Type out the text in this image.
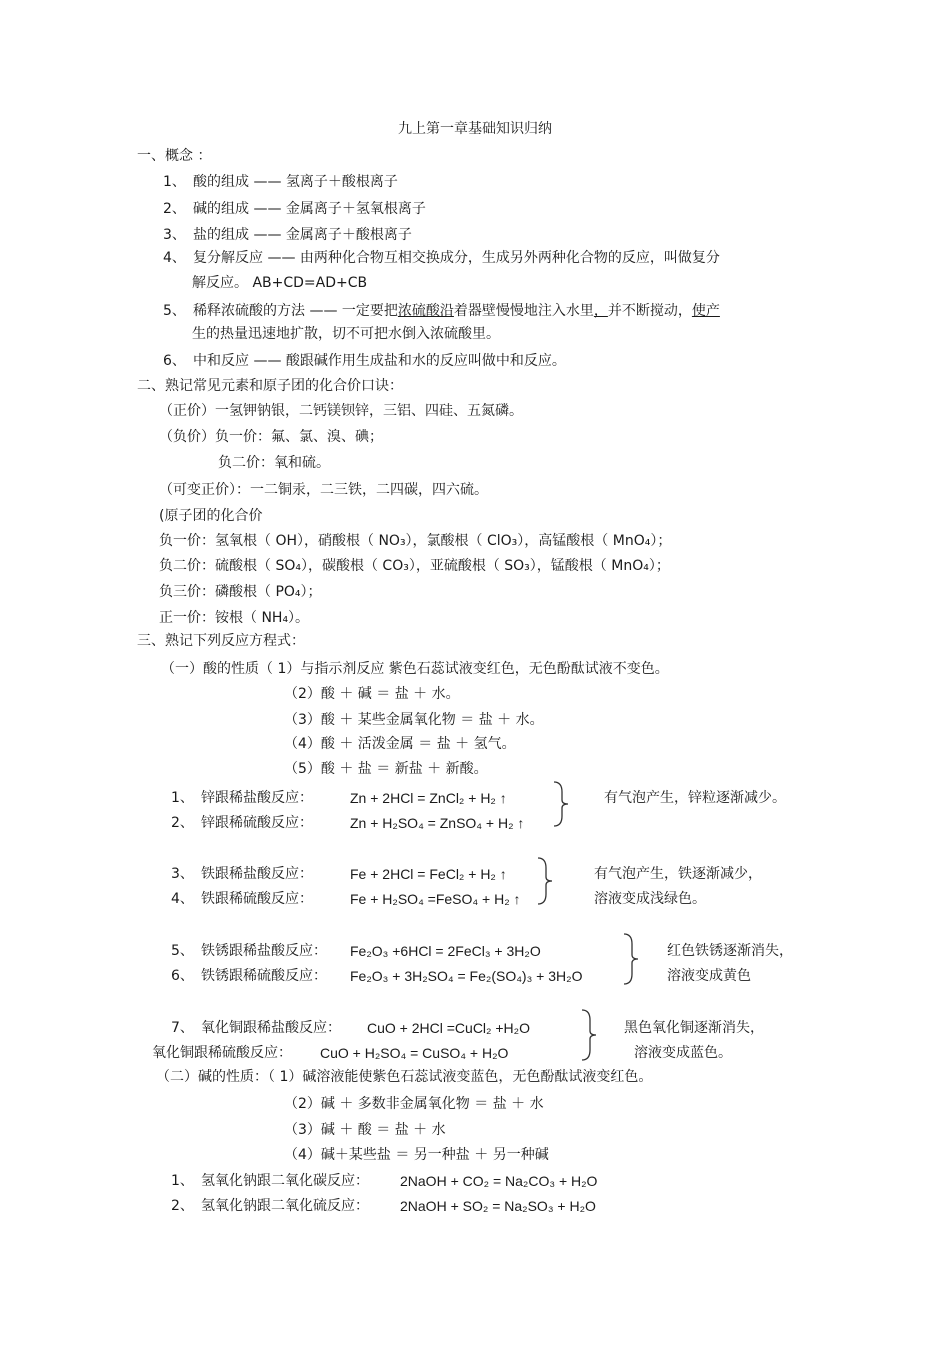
九上第一章基础知识归纳
一、概念 ：
1、 酸的组成 —— 氢离子＋酸根离子
2、 碱的组成 —— 金属离子＋氢氧根离子
3、 盐的组成 —— 金属离子＋酸根离子
4、 复分解反应 —— 由两种化合物互相交换成分，生成另外两种化合物的反应，叫做复分
解反应。 AB+CD=AD+CB
5、 稀释浓硫酸的方法 —— 一定要把浓硫酸沿着器壁慢慢地注入水里，并不断搅动，使产
生的热量迅速地扩散，切不可把水倒入浓硫酸里。
6、 中和反应 —— 酸跟碱作用生成盐和水的反应叫做中和反应。
二、熟记常见元素和原子团的化合价口诀：
（正价）一氢钾钠银，二钙镁钡锌，三铝、四硅、五氮磷。
（负价）负一价：氟、氯、溴、碘；
负二价：氧和硫。
（可变正价）：一二铜汞，二三铁，二四碳，四六硫。
(原子团的化合价
负一价：氢氧根（ OH），硝酸根（ NO₃），氯酸根（ ClO₃），高锰酸根（ MnO₄）；
负二价：硫酸根（ SO₄），碳酸根（ CO₃），亚硫酸根（ SO₃），锰酸根（ MnO₄）；
负三价：磷酸根（ PO₄）；
正一价：铵根（ NH₄）。
三、熟记下列反应方程式：
（一）酸的性质（ 1）与指示剂反应 紫色石蕊试液变红色，无色酚酞试液不变色。
（2）酸 ＋ 碱 ＝ 盐 ＋ 水。
（3）酸 ＋ 某些金属氧化物 ＝ 盐 ＋ 水。
（4）酸 ＋ 活泼金属 ＝ 盐 ＋ 氢气。
（5）酸 ＋ 盐 ＝ 新盐 ＋ 新酸。
1、 锌跟稀盐酸反应：	Zn + 2HCl = ZnCl₂ + H₂ ↑
2、 锌跟稀硫酸反应：	Zn + H₂SO₄ = ZnSO₄ + H₂ ↑
有气泡产生，锌粒逐渐减少。
3、 铁跟稀盐酸反应：	Fe + 2HCl = FeCl₂ + H₂ ↑
4、 铁跟稀硫酸反应：	Fe + H₂SO₄ =FeSO₄ + H₂ ↑
有气泡产生，铁逐渐减少，
溶液变成浅绿色。
5、 铁锈跟稀盐酸反应： Fe₂O₃ +6HCl = 2FeCl₃ + 3H₂O
6、 铁锈跟稀硫酸反应： Fe₂O₃ + 3H₂SO₄ = Fe₂(SO₄)₃ + 3H₂O
红色铁锈逐渐消失，
溶液变成黄色
7、 氧化铜跟稀盐酸反应： CuO + 2HCl =CuCl₂ +H₂O
氧化铜跟稀硫酸反应： CuO + H₂SO₄ = CuSO₄ + H₂O
黑色氧化铜逐渐消失，
溶液变成蓝色。
（二）碱的性质：（ 1）碱溶液能使紫色石蕊试液变蓝色，无色酚酞试液变红色。
（2）碱 ＋ 多数非金属氧化物 ＝ 盐 ＋ 水
（3）碱 ＋ 酸 ＝ 盐 ＋ 水
（4）碱＋某些盐 ＝ 另一种盐 ＋ 另一种碱
1、 氢氧化钠跟二氧化碳反应： 2NaOH + CO₂ = Na₂CO₃ + H₂O
2、 氢氧化钠跟二氧化硫反应： 2NaOH + SO₂ = Na₂SO₃ + H₂O
